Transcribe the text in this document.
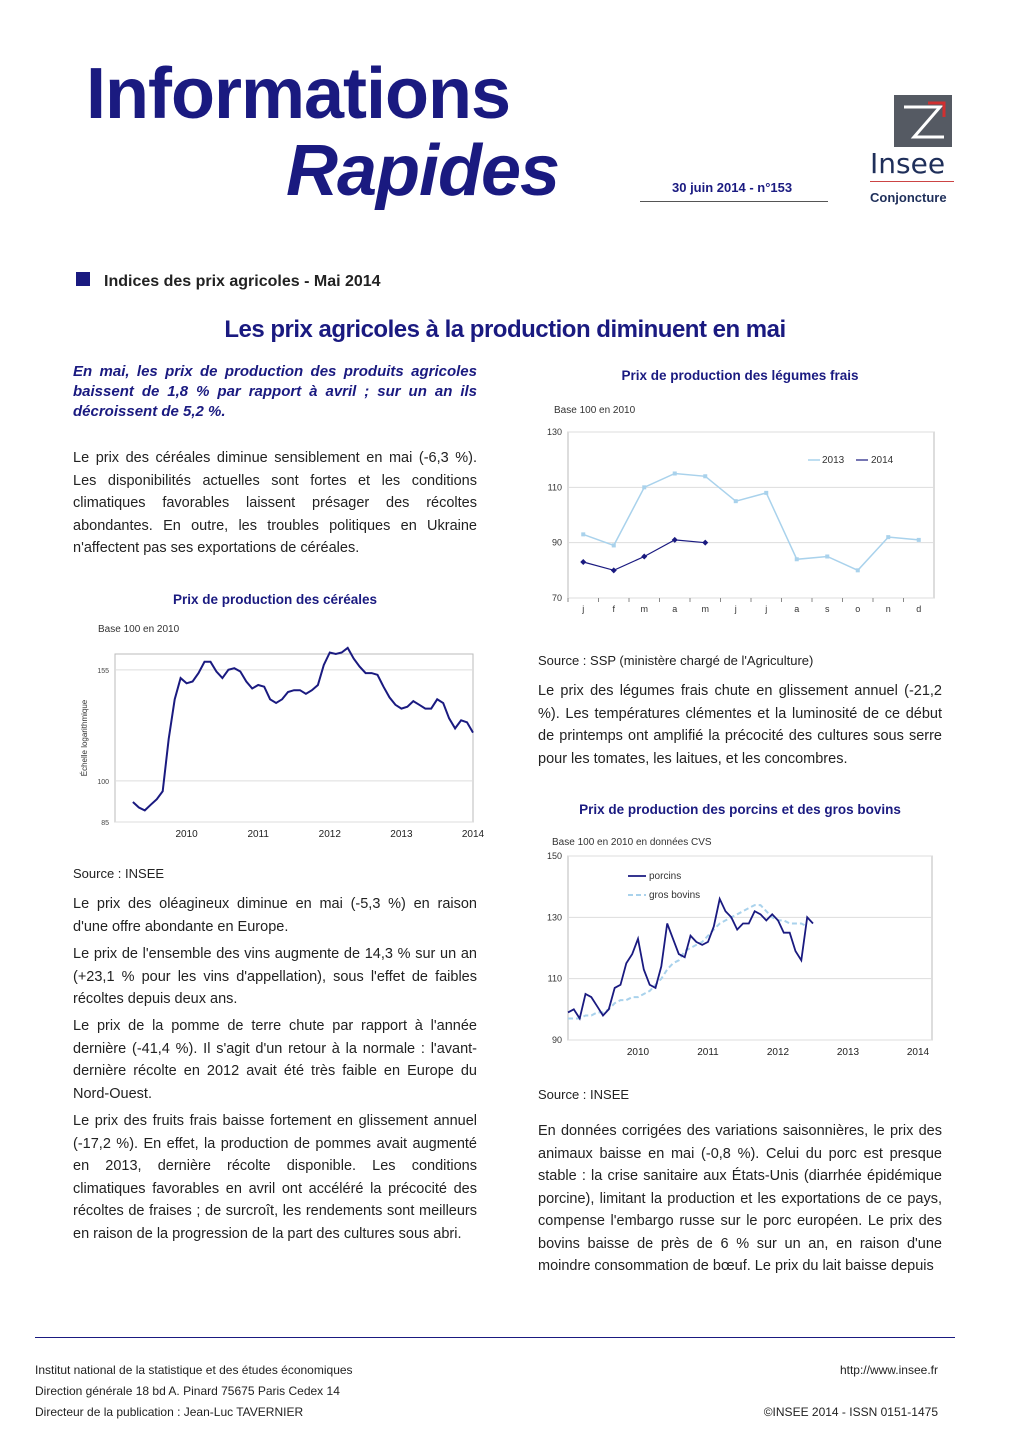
Informations
Rapides	30 juin 2014 - n°153
Insee
Conjoncture
Indices des prix agricoles - Mai 2014
Les prix agricoles à la production diminuent en mai
En mai, les prix de production des produits agricoles baissent de 1,8 % par rapport à avril ; sur un an ils décroissent de 5,2 %.
Le prix des céréales diminue sensiblement en mai (-6,3 %). Les disponibilités actuelles sont fortes et les conditions climatiques favorables laissent présager des récoltes abondantes. En outre, les troubles politiques en Ukraine n'affectent pas ses exportations de céréales.
Prix de production des céréales
Base 100 en 2010
85
100
155
2010	2011	2012	2013	2014
Échelle logarithmique
Source : INSEE
Le prix des oléagineux diminue en mai (-5,3 %) en raison d'une offre abondante en Europe.
Le prix de l'ensemble des vins augmente de 14,3 % sur un an (+23,1 % pour les vins d'appellation), sous l'effet de faibles récoltes depuis deux ans.
Le prix de la pomme de terre chute par rapport à l'année dernière (-41,4 %). Il s'agit d'un retour à la normale : l'avant-dernière récolte en 2012 avait été très faible en Europe du Nord-Ouest.
Le prix des fruits frais baisse fortement en glissement annuel (-17,2 %). En effet, la production de pommes avait augmenté en 2013, dernière récolte disponible. Les conditions climatiques favorables en avril ont accéléré la précocité des récoltes de fraises ; de surcroît, les rendements sont meilleurs en raison de la progression de la part des cultures sous abri.
Prix de production des légumes frais
Base 100 en 2010
70
90
110
130
j	f	m	a	m	j	j	a	s	o	n	d
2013	2014
Source : SSP (ministère chargé de l'Agriculture)
Le prix des légumes frais chute en glissement annuel (-21,2 %). Les températures clémentes et la luminosité de ce début de printemps ont amplifié la précocité des cultures sous serre pour les tomates, les laitues, et les concombres.
Prix de production des porcins et des gros bovins
Base 100 en 2010 en données CVS
90
110
130
150
2010	2011	2012	2013	2014
porcins
gros bovins
Source : INSEE
En données corrigées des variations saisonnières, le prix des animaux baisse en mai (-0,8 %). Celui du porc est presque stable : la crise sanitaire aux États-Unis (diarrhée épidémique porcine), limitant la production et les exportations de ce pays, compense l'embargo russe sur le porc européen. Le prix des bovins baisse de près de 6 % sur un an, en raison d'une moindre consommation de bœuf. Le prix du lait baisse depuis
Institut national de la statistique et des études économiques
Direction générale 18 bd A. Pinard 75675 Paris Cedex 14
Directeur de la publication : Jean-Luc TAVERNIER
http://www.insee.fr
©INSEE 2014 - ISSN 0151-1475
